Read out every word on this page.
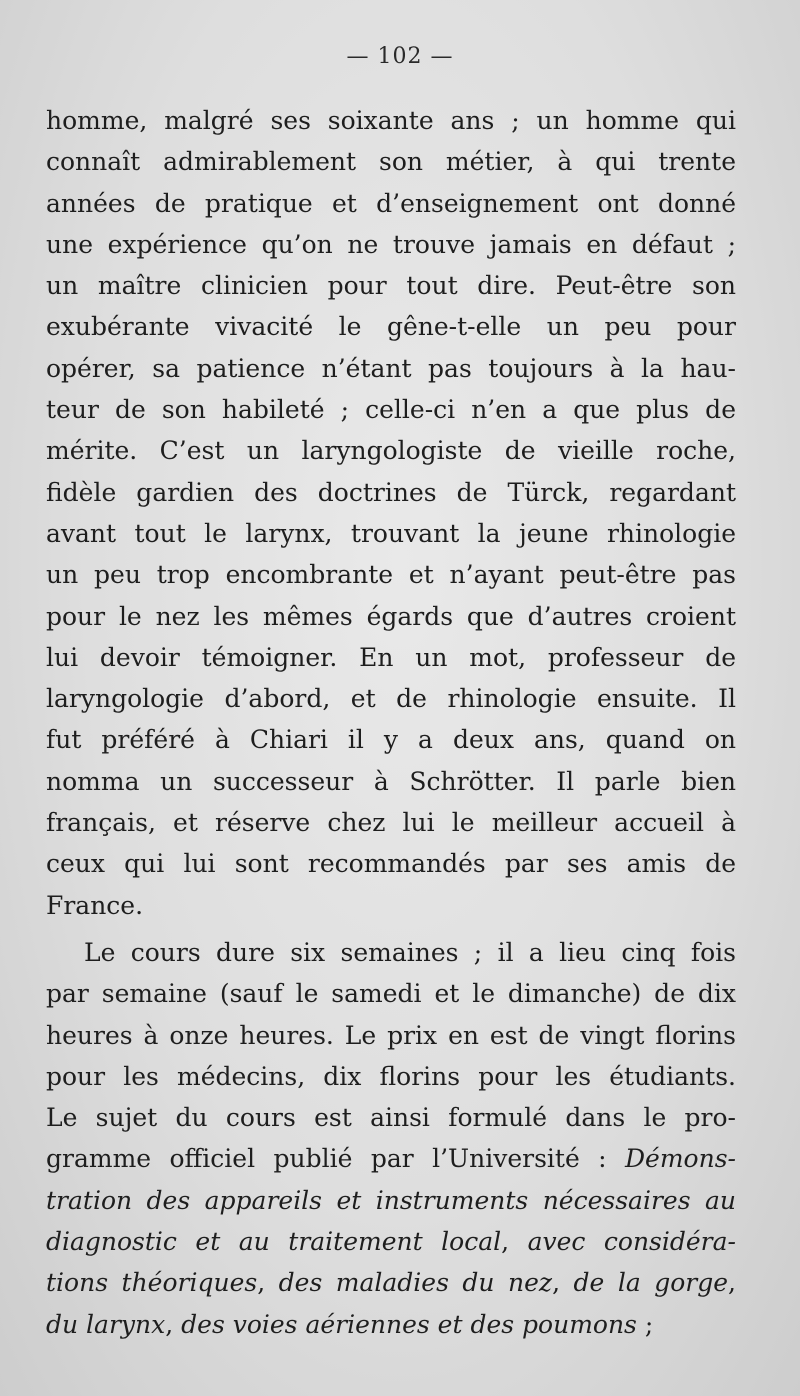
— 102 —
homme, malgré ses soixante ans ; un homme qui
connaît admirablement son métier, à qui trente
années de pratique et d’enseignement ont donné
une expérience qu’on ne trouve jamais en défaut ;
un maître clinicien pour tout dire. Peut-être son
exubérante vivacité le gêne-t-elle un peu pour
opérer, sa patience n’étant pas toujours à la hau-
teur de son habileté ; celle-ci n’en a que plus de
mérite. C’est un laryngologiste de vieille roche,
fidèle gardien des doctrines de Türck, regardant
avant tout le larynx, trouvant la jeune rhinologie
un peu trop encombrante et n’ayant peut-être pas
pour le nez les mêmes égards que d’autres croient
lui devoir témoigner. En un mot, professeur de
laryngologie d’abord, et de rhinologie ensuite. Il
fut préféré à Chiari il y a deux ans, quand on
nomma un successeur à Schrötter. Il parle bien
français, et réserve chez lui le meilleur accueil à
ceux qui lui sont recommandés par ses amis de
France.
Le cours dure six semaines ; il a lieu cinq fois
par semaine (sauf le samedi et le dimanche) de dix
heures à onze heures. Le prix en est de vingt florins
pour les médecins, dix florins pour les étudiants.
Le sujet du cours est ainsi formulé dans le pro-
gramme officiel publié par l’Université : Démons-
tration des appareils et instruments nécessaires au
diagnostic et au traitement local, avec considéra-
tions théoriques, des maladies du nez, de la gorge,
du larynx, des voies aériennes et des poumons ;
